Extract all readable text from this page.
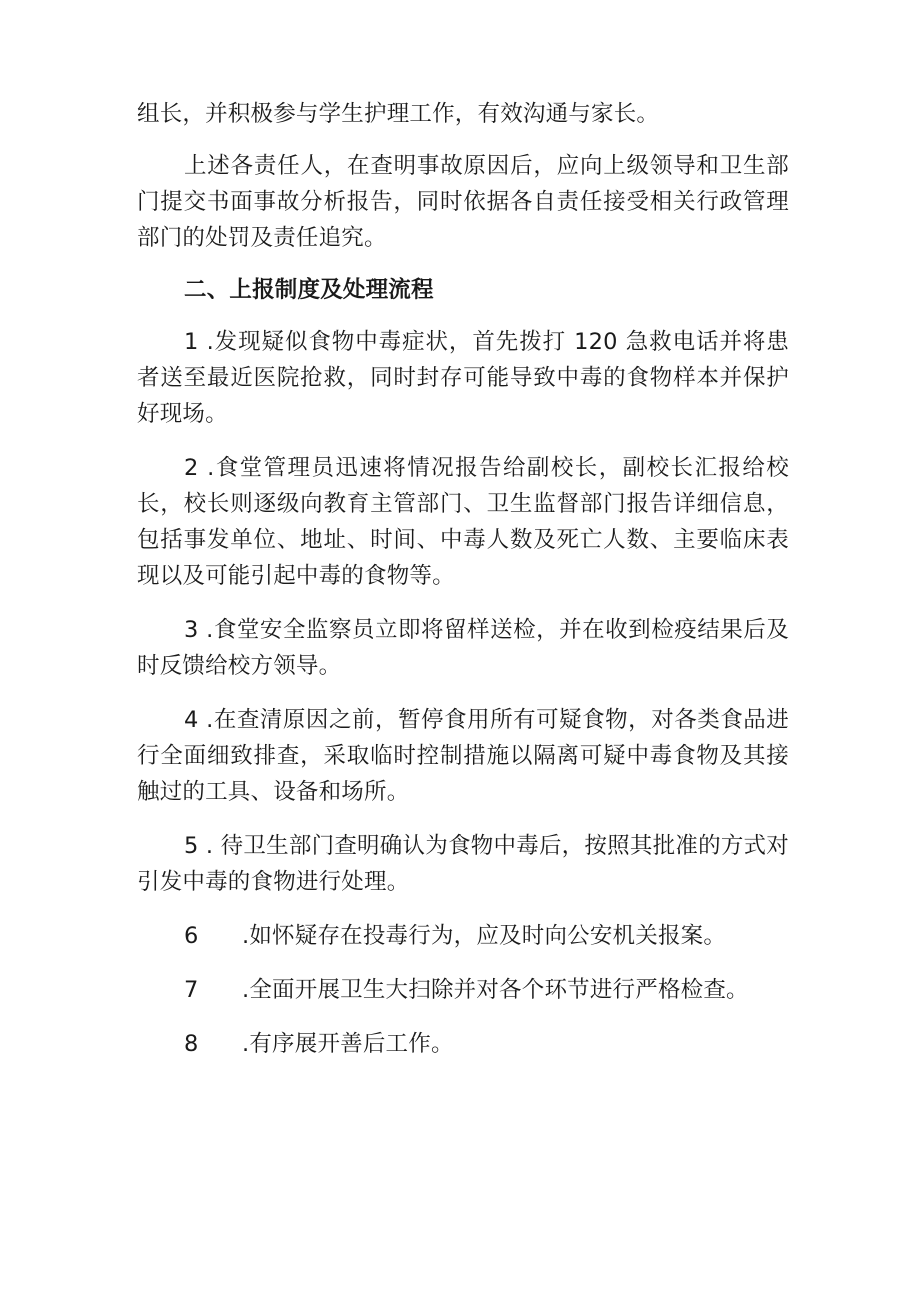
组长，并积极参与学生护理工作，有效沟通与家长。

上述各责任人，在查明事故原因后，应向上级领导和卫生部门提交书面事故分析报告，同时依据各自责任接受相关行政管理部门的处罚及责任追究。

二、上报制度及处理流程

1 .发现疑似食物中毒症状，首先拨打 120 急救电话并将患者送至最近医院抢救，同时封存可能导致中毒的食物样本并保护好现场。

2 .食堂管理员迅速将情况报告给副校长，副校长汇报给校长，校长则逐级向教育主管部门、卫生监督部门报告详细信息，包括事发单位、地址、时间、中毒人数及死亡人数、主要临床表现以及可能引起中毒的食物等。

3 .食堂安全监察员立即将留样送检，并在收到检疫结果后及时反馈给校方领导。

4 .在查清原因之前，暂停食用所有可疑食物，对各类食品进行全面细致排查，采取临时控制措施以隔离可疑中毒食物及其接触过的工具、设备和场所。

5 . 待卫生部门查明确认为食物中毒后，按照其批准的方式对引发中毒的食物进行处理。

6	.如怀疑存在投毒行为，应及时向公安机关报案。
7	.全面开展卫生大扫除并对各个环节进行严格检查。
8	.有序展开善后工作。
